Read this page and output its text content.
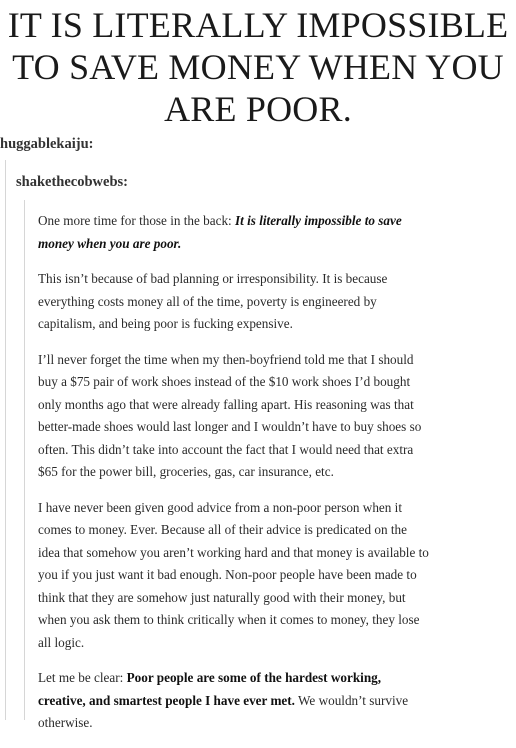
IT IS LITERALLY IMPOSSIBLE
TO SAVE MONEY WHEN YOU
ARE POOR.
huggablekaiju:
shakethecobwebs:

One more time for those in the back: It is literally impossible to save money when you are poor.

This isn’t because of bad planning or irresponsibility. It is because everything costs money all of the time, poverty is engineered by capitalism, and being poor is fucking expensive.

I’ll never forget the time when my then-boyfriend told me that I should buy a $75 pair of work shoes instead of the $10 work shoes I’d bought only months ago that were already falling apart. His reasoning was that better-made shoes would last longer and I wouldn’t have to buy shoes so often. This didn’t take into account the fact that I would need that extra $65 for the power bill, groceries, gas, car insurance, etc.

I have never been given good advice from a non-poor person when it comes to money. Ever. Because all of their advice is predicated on the idea that somehow you aren’t working hard and that money is available to you if you just want it bad enough. Non-poor people have been made to think that they are somehow just naturally good with their money, but when you ask them to think critically when it comes to money, they lose all logic.

Let me be clear: Poor people are some of the hardest working, creative, and smartest people I have ever met. We wouldn’t survive otherwise.
